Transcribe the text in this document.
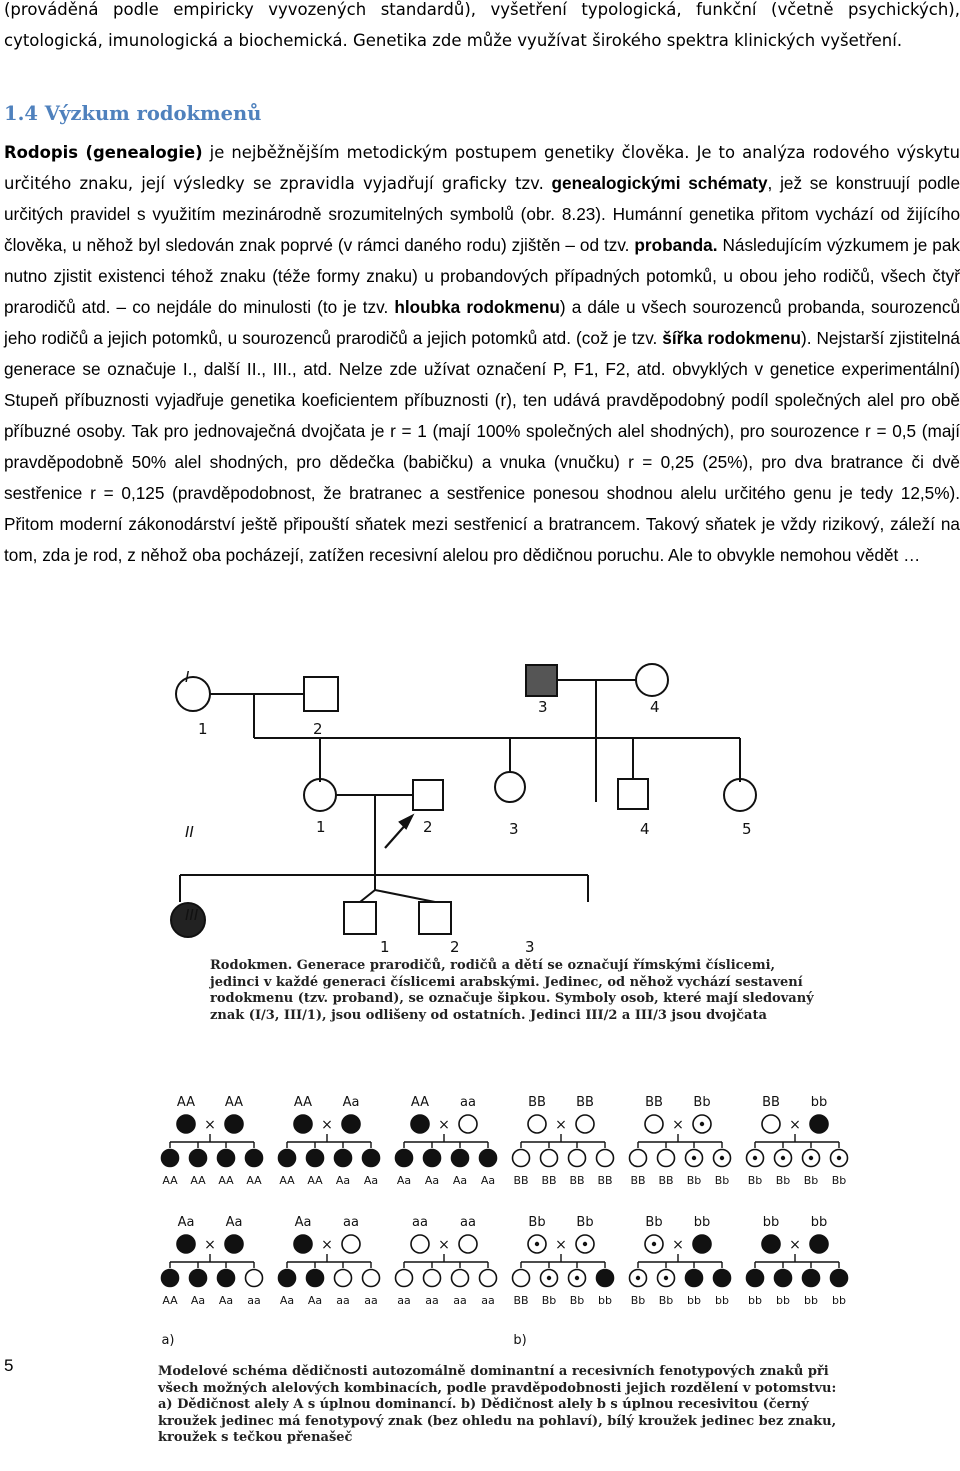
(prováděná podle empiricky vyvozených standardů), vyšetření typologická, funkční (včetně psychických), cytologická, imunologická a biochemická. Genetika zde může využívat širokého spektra klinických vyšetření.

1.4 Výzkum rodokmenů

Rodopis (genealogie) je nejběžnějším metodickým postupem genetiky člověka. Je to analýza rodového výskytu určitého znaku, její výsledky se zpravidla vyjadřují graficky tzv. genealogickými schématy, jež se konstruují podle určitých pravidel s využitím mezinárodně srozumitelných symbolů (obr. 8.23). Humánní genetika přitom vychází od žijícího člověka, u něhož byl sledován znak poprvé (v rámci daného rodu) zjištěn – od tzv. probanda. Následujícím výzkumem je pak nutno zjistit existenci téhož znaku (téže formy znaku) u probandových případných potomků, u obou jeho rodičů, všech čtyř prarodičů atd. – co nejdále do minulosti (to je tzv. hloubka rodokmenu) a dále u všech sourozenců probanda, sourozenců jeho rodičů a jejich potomků, u sourozenců prarodičů a jejich potomků atd. (což je tzv. šířka rodokmenu). Nejstarší zjistitelná generace se označuje I., další II., III., atd. Nelze zde užívat označení P, F1, F2, atd. obvyklých v genetice experimentální) Stupeň příbuznosti vyjadřuje genetika koeficientem příbuznosti (r), ten udává pravděpodobný podíl společných alel pro obě příbuzné osoby. Tak pro jednovaječná dvojčata je r = 1 (mají 100% společných alel shodných), pro sourozence r = 0,5 (mají pravděpodobně 50% alel shodných, pro dědečka (babičku) a vnuka (vnučku) r = 0,25 (25%), pro dva bratrance či dvě sestřenice r = 0,125 (pravděpodobnost, že bratranec a sestřenice ponesou shodnou alelu určitého genu je tedy 12,5%). Přitom moderní zákonodárství ještě připouští sňatek mezi sestřenicí a bratrancem. Takový sňatek je vždy rizikový, záleží na tom, zda je rod, z něhož oba pocházejí, zatížen recesivní alelou pro dědičnou poruchu. Ale to obvykle nemohou vědět …

I
II
III
1	2
3	4
1	2	3	4	5
1	2	3
Rodokmen. Generace prarodičů, rodičů a dětí se označují římskými číslicemi, jedinci v každé generaci číslicemi arabskými. Jedinec, od něhož vychází sestavení rodokmenu (tzv. proband), se označuje šipkou. Symboly osob, které mají sledovaný znak (I/3, III/1), jsou odlišeny od ostatních. Jedinci III/2 a III/3 jsou dvojčata
AA AA
×
AA AA AA AA
AA Aa
×
AA AA Aa Aa
AA aa
×
Aa Aa Aa Aa
BB BB
×
BB BB BB BB
BB Bb
×
BB BB Bb Bb
BB bb
×
Bb Bb Bb Bb
Aa Aa
×
AA Aa Aa aa
Aa aa
×
Aa Aa aa aa
aa aa
×
aa aa aa aa
Bb Bb
×
BB Bb Bb bb
Bb bb
×
Bb Bb bb bb
bb bb
×
bb bb bb bb
a)	b)
Modelové schéma dědičnosti autozomálně dominantní a recesivních fenotypových znaků při všech možných alelových kombinacích, podle pravděpodobnosti jejich rozdělení v potomstvu: a) Dědičnost alely A s úplnou dominancí. b) Dědičnost alely b s úplnou recesivitou (černý kroužek jedinec má fenotypový znak (bez ohledu na pohlaví), bílý kroužek jedinec bez znaku, kroužek s tečkou přenašeč
5
